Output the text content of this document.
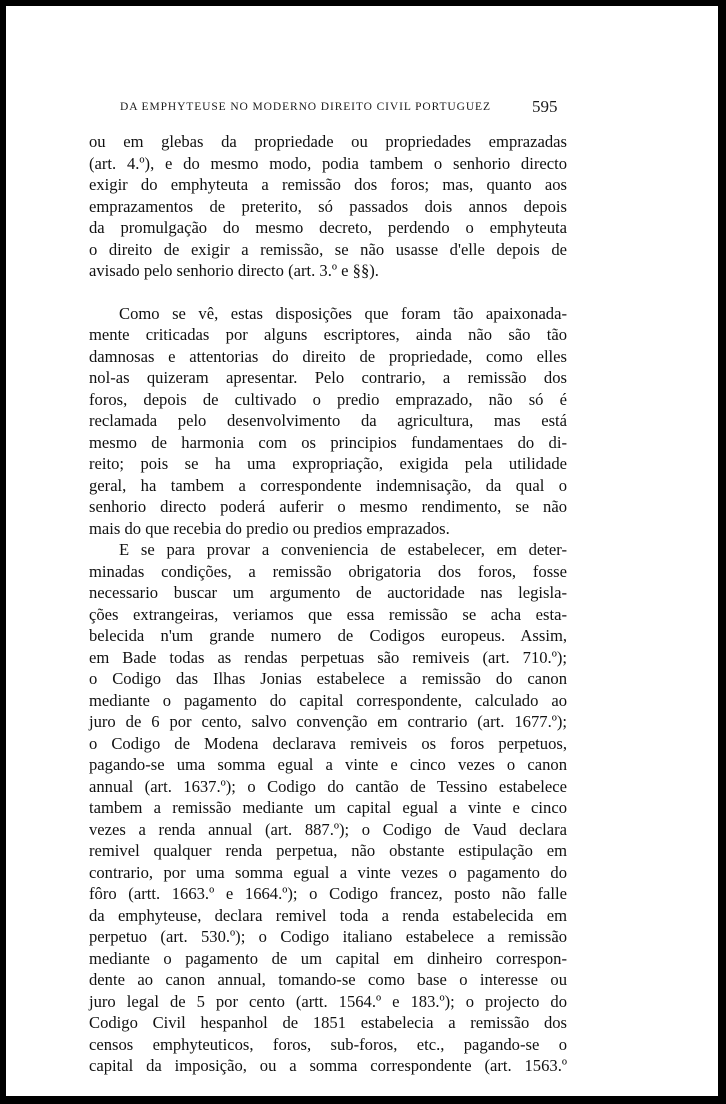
DA EMPHYTEUSE NO MODERNO DIREITO CIVIL PORTUGUEZ 595
ou em glebas da propriedade ou propriedades emprazadas
(art. 4.º), e do mesmo modo, podia tambem o senhorio directo
exigir do emphyteuta a remissão dos foros; mas, quanto aos
emprazamentos de preterito, só passados dois annos depois
da promulgação do mesmo decreto, perdendo o emphyteuta
o direito de exigir a remissão, se não usasse d'elle depois de
avisado pelo senhorio directo (art. 3.º e §§).
Como se vê, estas disposições que foram tão apaixonada-
mente criticadas por alguns escriptores, ainda não são tão
damnosas e attentorias do direito de propriedade, como elles
nol-as quizeram apresentar. Pelo contrario, a remissão dos
foros, depois de cultivado o predio emprazado, não só é
reclamada pelo desenvolvimento da agricultura, mas está
mesmo de harmonia com os principios fundamentaes do di-
reito; pois se ha uma expropriação, exigida pela utilidade
geral, ha tambem a correspondente indemnisação, da qual o
senhorio directo poderá auferir o mesmo rendimento, se não
mais do que recebia do predio ou predios emprazados.
E se para provar a conveniencia de estabelecer, em deter-
minadas condições, a remissão obrigatoria dos foros, fosse
necessario buscar um argumento de auctoridade nas legisla-
ções extrangeiras, veriamos que essa remissão se acha esta-
belecida n'um grande numero de Codigos europeus. Assim,
em Bade todas as rendas perpetuas são remiveis (art. 710.º);
o Codigo das Ilhas Jonias estabelece a remissão do canon
mediante o pagamento do capital correspondente, calculado ao
juro de 6 por cento, salvo convenção em contrario (art. 1677.º);
o Codigo de Modena declarava remiveis os foros perpetuos,
pagando-se uma somma egual a vinte e cinco vezes o canon
annual (art. 1637.º); o Codigo do cantão de Tessino estabelece
tambem a remissão mediante um capital egual a vinte e cinco
vezes a renda annual (art. 887.º); o Codigo de Vaud declara
remivel qualquer renda perpetua, não obstante estipulação em
contrario, por uma somma egual a vinte vezes o pagamento do
fôro (artt. 1663.º e 1664.º); o Codigo francez, posto não falle
da emphyteuse, declara remivel toda a renda estabelecida em
perpetuo (art. 530.º); o Codigo italiano estabelece a remissão
mediante o pagamento de um capital em dinheiro correspon-
dente ao canon annual, tomando-se como base o interesse ou
juro legal de 5 por cento (artt. 1564.º e 183.º); o projecto do
Codigo Civil hespanhol de 1851 estabelecia a remissão dos
censos emphyteuticos, foros, sub-foros, etc., pagando-se o
capital da imposição, ou a somma correspondente (art. 1563.º
